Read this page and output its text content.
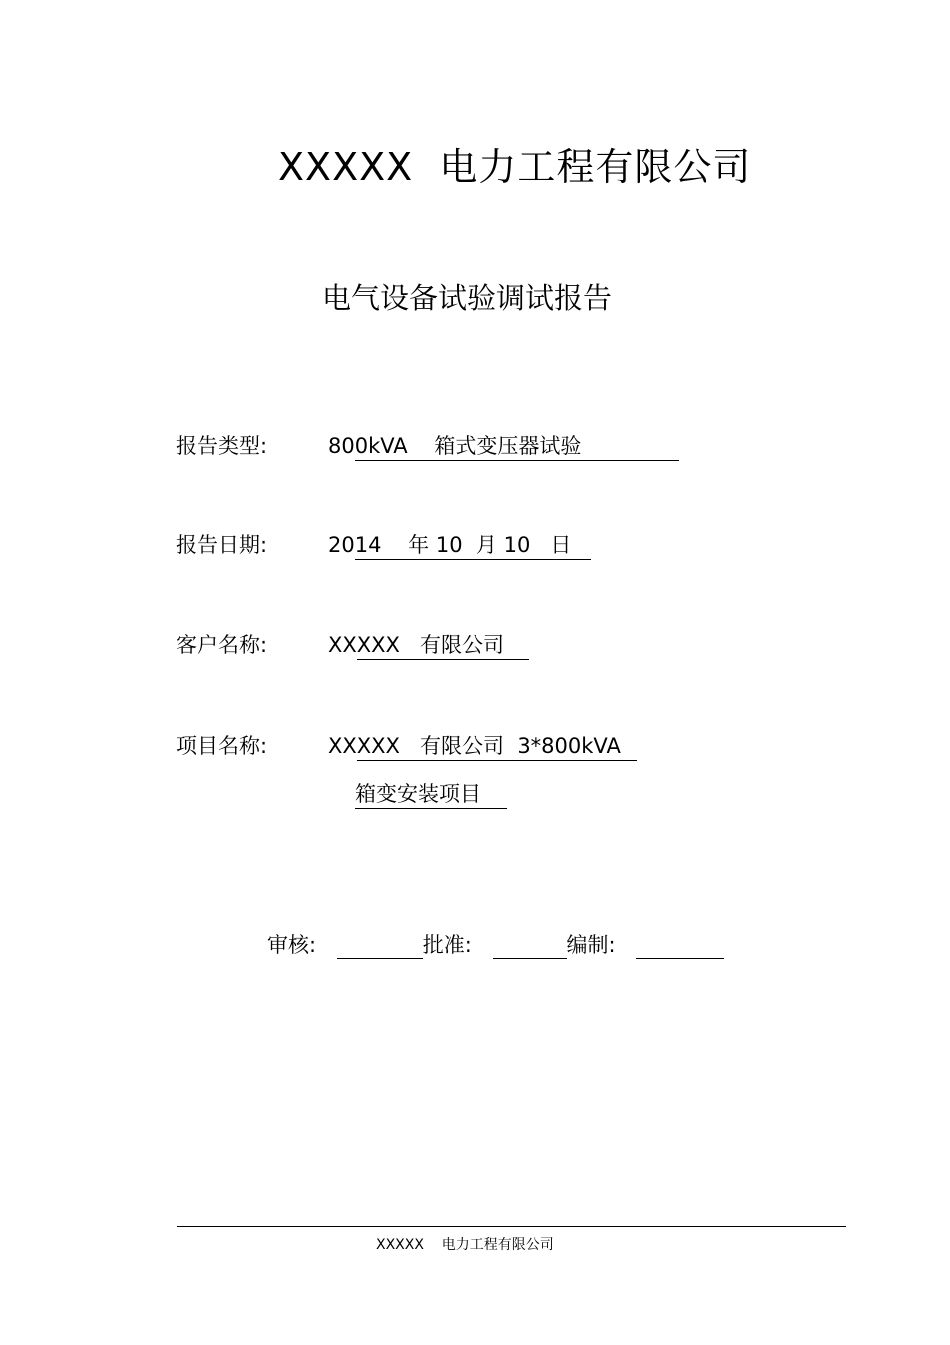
XXXXX  电力工程有限公司
电气设备试验调试报告
报告类型:	800kVA    箱式变压器试验
报告日期:	2014    年 10  月 10   日
客户名称:	XXXXX   有限公司
项目名称:	XXXXX   有限公司  3*800kVA
箱变安装项目
审核:	批准:	编制:
XXXXX    电力工程有限公司
